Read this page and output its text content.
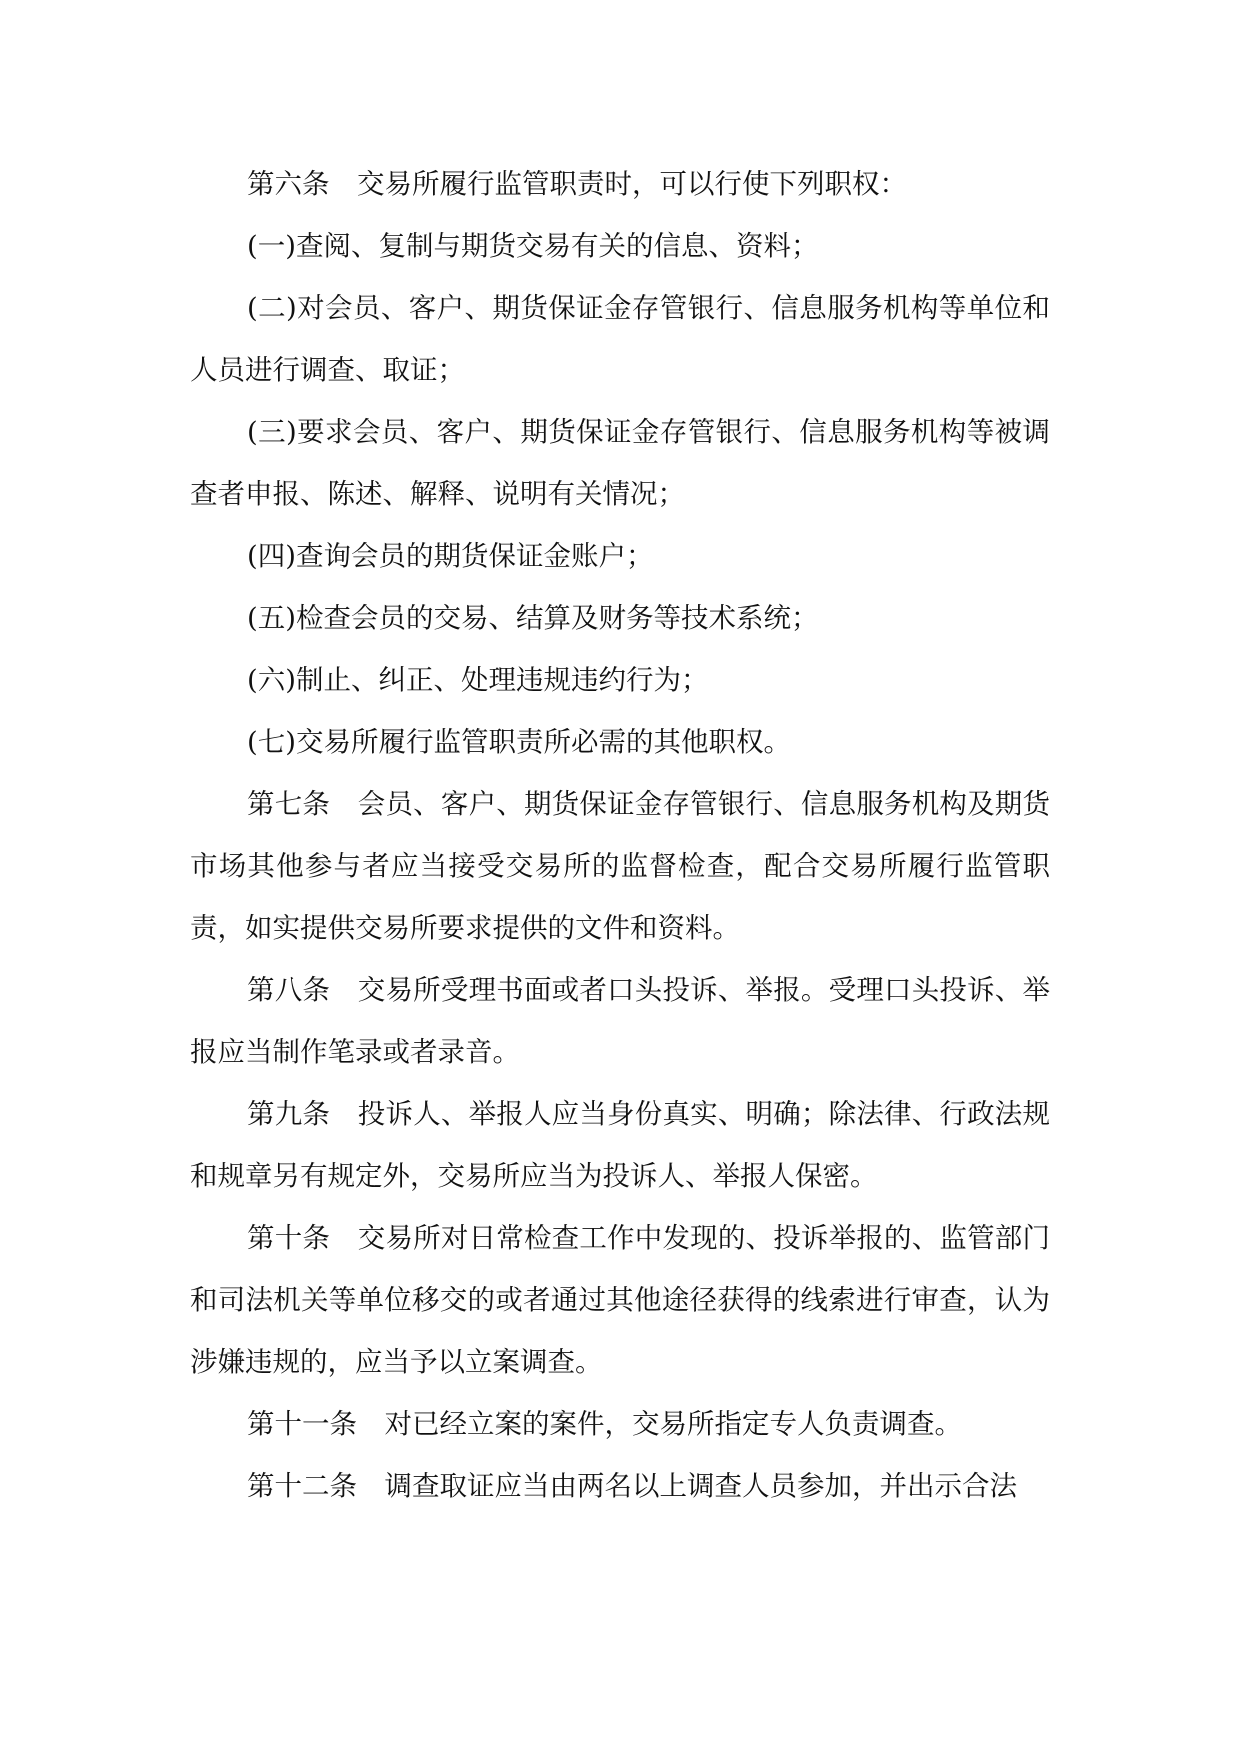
第六条　交易所履行监管职责时，可以行使下列职权：

(一)查阅、复制与期货交易有关的信息、资料；

(二)对会员、客户、期货保证金存管银行、信息服务机构等单位和人员进行调查、取证；

(三)要求会员、客户、期货保证金存管银行、信息服务机构等被调查者申报、陈述、解释、说明有关情况；

(四)查询会员的期货保证金账户；

(五)检查会员的交易、结算及财务等技术系统；

(六)制止、纠正、处理违规违约行为；

(七)交易所履行监管职责所必需的其他职权。

第七条　会员、客户、期货保证金存管银行、信息服务机构及期货市场其他参与者应当接受交易所的监督检查，配合交易所履行监管职责，如实提供交易所要求提供的文件和资料。

第八条　交易所受理书面或者口头投诉、举报。受理口头投诉、举报应当制作笔录或者录音。

第九条　投诉人、举报人应当身份真实、明确；除法律、行政法规和规章另有规定外，交易所应当为投诉人、举报人保密。

第十条　交易所对日常检查工作中发现的、投诉举报的、监管部门和司法机关等单位移交的或者通过其他途径获得的线索进行审查，认为涉嫌违规的，应当予以立案调查。

第十一条　对已经立案的案件，交易所指定专人负责调查。

第十二条　调查取证应当由两名以上调查人员参加，并出示合法
